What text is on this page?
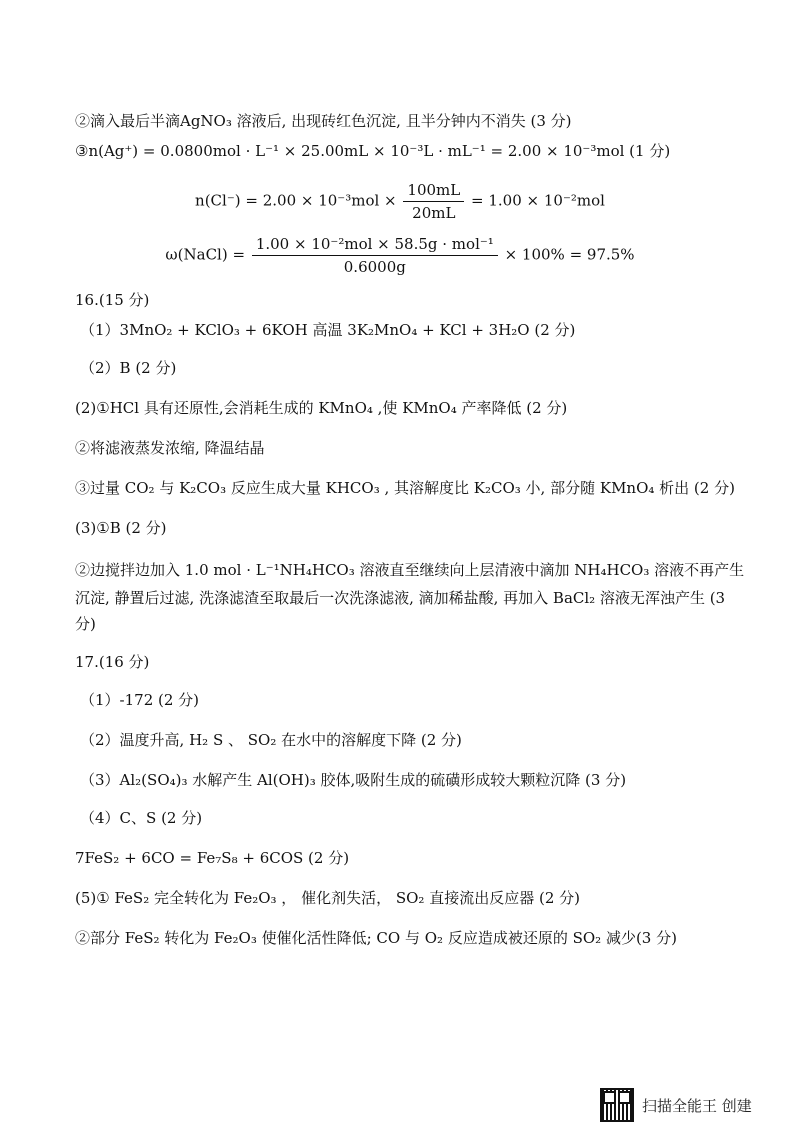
②滴入最后半滴AgNO₃ 溶液后, 出现砖红色沉淀, 且半分钟内不消失 (3 分)
③n(Ag⁺) = 0.0800mol · L⁻¹ × 25.00mL × 10⁻³L · mL⁻¹ = 2.00 × 10⁻³mol (1 分)
$n(Cl^-) = 2.00 \times 10^{-3}mol \times \frac{100mL}{20mL} = 1.00 \times 10^{-2}mol$
ω(NaCl) = $\frac{\text{1.00 × 10⁻²mol × 58.5g · mol⁻¹}}{0.6000g} \times 100\% = 97.5\%$
16.(15 分)
（1）3MnO₂ + KClO₃ + 6KOH 高温 3K₂MnO₄ + KCl + 3H₂O (2 分)
（2）B (2 分)
(2)①HCl 具有还原性,会消耗生成的 KMnO₄ ,使 KMnO₄ 产率降低 (2 分)
②将滤液蒸发浓缩, 降温结晶
③过量 CO₂ 与 K₂CO₃ 反应生成大量 KHCO₃ , 其溶解度比 K₂CO₃ 小, 部分随 KMnO₄ 析出 (2 分)
(3)①B (2 分)
②边搅拌边加入 1.0 mol · L⁻¹NH₄HCO₃ 溶液直至继续向上层清液中滴加 NH₄HCO₃ 溶液不再产生
沉淀, 静置后过滤, 洗涤滤渣至取最后一次洗涤滤液, 滴加稀盐酸, 再加入 BaCl₂ 溶液无浑浊产生 (3
分)
17.(16 分)
（1）-172 (2 分)
（2）温度升高, H₂ S 、 SO₂ 在水中的溶解度下降 (2 分)
（3）Al₂(SO₄)₃ 水解产生 Al(OH)₃ 胶体,吸附生成的硫磺形成较大颗粒沉降 (3 分)
（4）C、S (2 分)
7FeS₂ + 6CO = Fe₇S₈ + 6COS (2 分)
(5)① FeS₂ 完全转化为 Fe₂O₃ ， 催化剂失活， SO₂ 直接流出反应器 (2 分)
②部分 FeS₂ 转化为 Fe₂O₃ 使催化活性降低; CO 与 O₂ 反应造成被还原的 SO₂ 减少(3 分)
扫描全能王 创建
